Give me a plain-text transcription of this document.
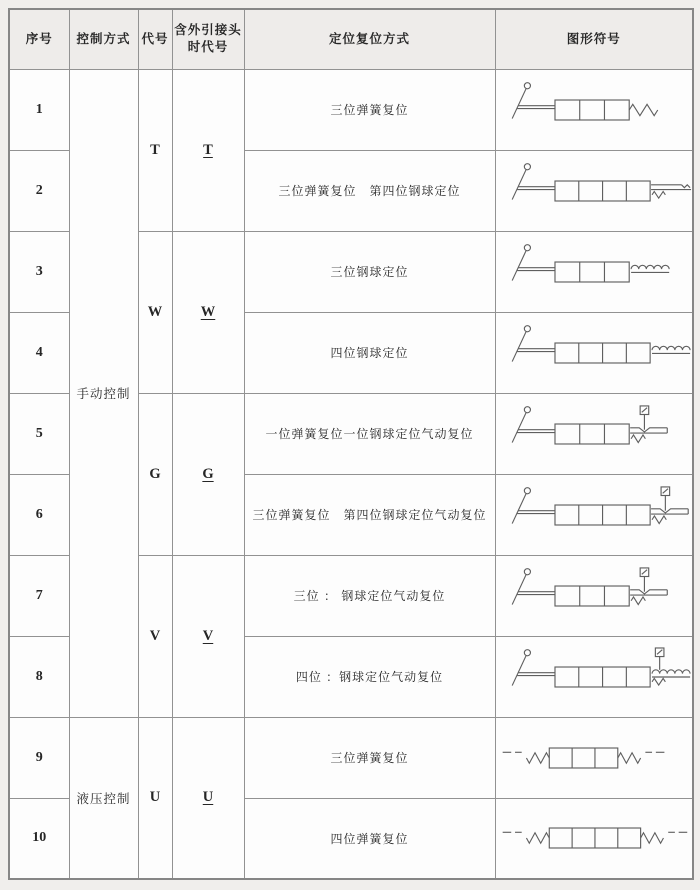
序号	控制方式	代号	含外引接头
时代号	定位复位方式	图形符号
1	手动控制	T	T	三位弹簧复位	

2				三位弹簧复位　第四位钢球定位	

3		W	W	三位钢球定位	

4				四位钢球定位	

5		G	G	一位弹簧复位一位钢球定位气动复位	

6				三位弹簧复位　第四位钢球定位气动复位	

7		V	V	三位 ： 钢球定位气动复位	

8				四位 ：钢球定位气动复位	

9	液压控制	U	U	三位弹簧复位	

10				四位弹簧复位	
